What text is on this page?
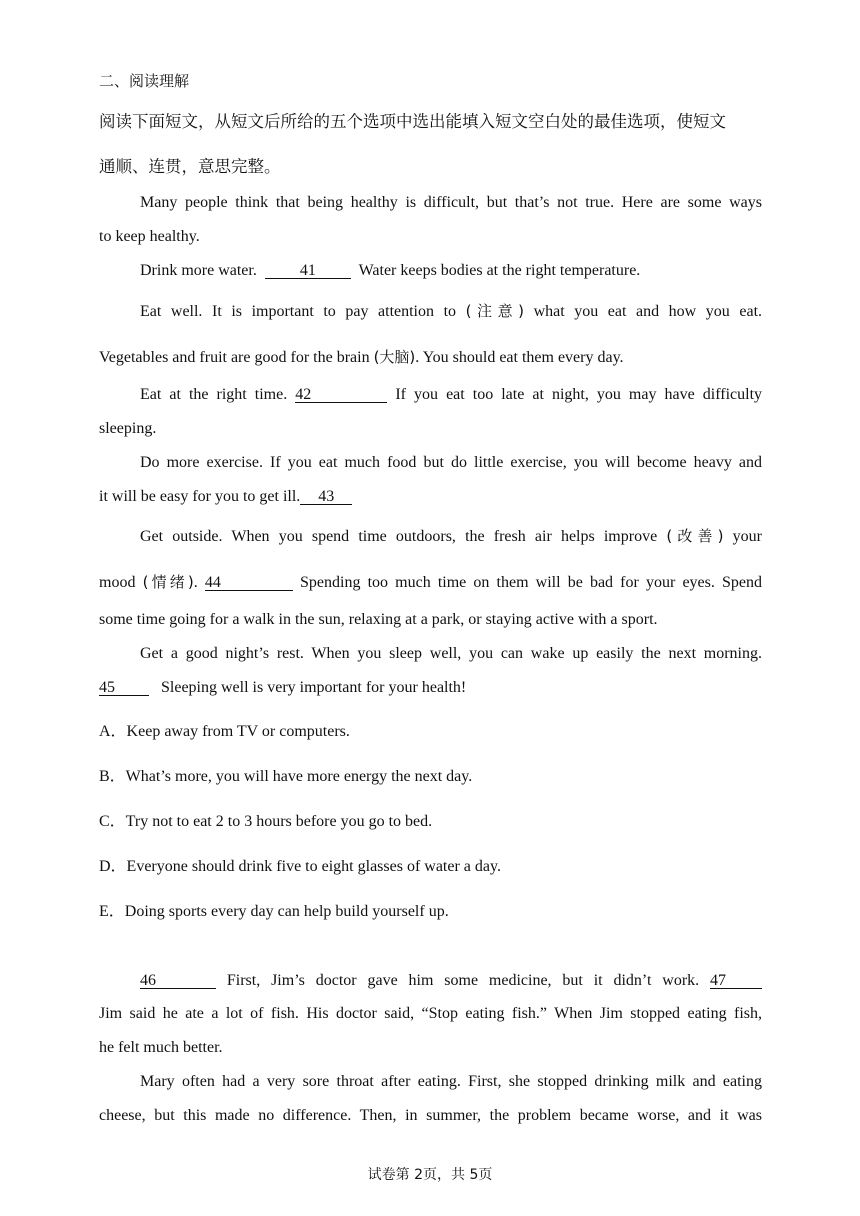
二、阅读理解
阅读下面短文，从短文后所给的五个选项中选出能填入短文空白处的最佳选项，使短文
通顺、连贯，意思完整。
Many people think that being healthy is difficult, but that’s not true. Here are some ways
to keep healthy.
Drink more water.	41	Water keeps bodies at the right temperature.
Eat well. It is important to pay attention to (注意) what you eat and how you eat.
Vegetables and fruit are good for the brain (大脑). You should eat them every day.
Eat at the right time. 42	If you eat too late at night, you may have difficulty
sleeping.
Do more exercise. If you eat much food but do little exercise, you will become heavy and
it will be easy for you to get ill. 43
Get outside. When you spend time outdoors, the fresh air helps improve (改善) your
mood (情绪). 44	Spending too much time on them will be bad for your eyes. Spend
some time going for a walk in the sun, relaxing at a park, or staying active with a sport.
Get a good night’s rest. When you sleep well, you can wake up easily the next morning.
45	Sleeping well is very important for your health!
A．Keep away from TV or computers.
B．What’s more, you will have more energy the next day.
C．Try not to eat 2 to 3 hours before you go to bed.
D．Everyone should drink five to eight glasses of water a day.
E．Doing sports every day can help build yourself up.
46	First, Jim’s doctor gave him some medicine, but it didn’t work. 47
Jim said he ate a lot of fish. His doctor said, “Stop eating fish.” When Jim stopped eating fish,
he felt much better.
Mary often had a very sore throat after eating. First, she stopped drinking milk and eating
cheese, but this made no difference. Then, in summer, the problem became worse, and it was
试卷第 2页，共 5页
